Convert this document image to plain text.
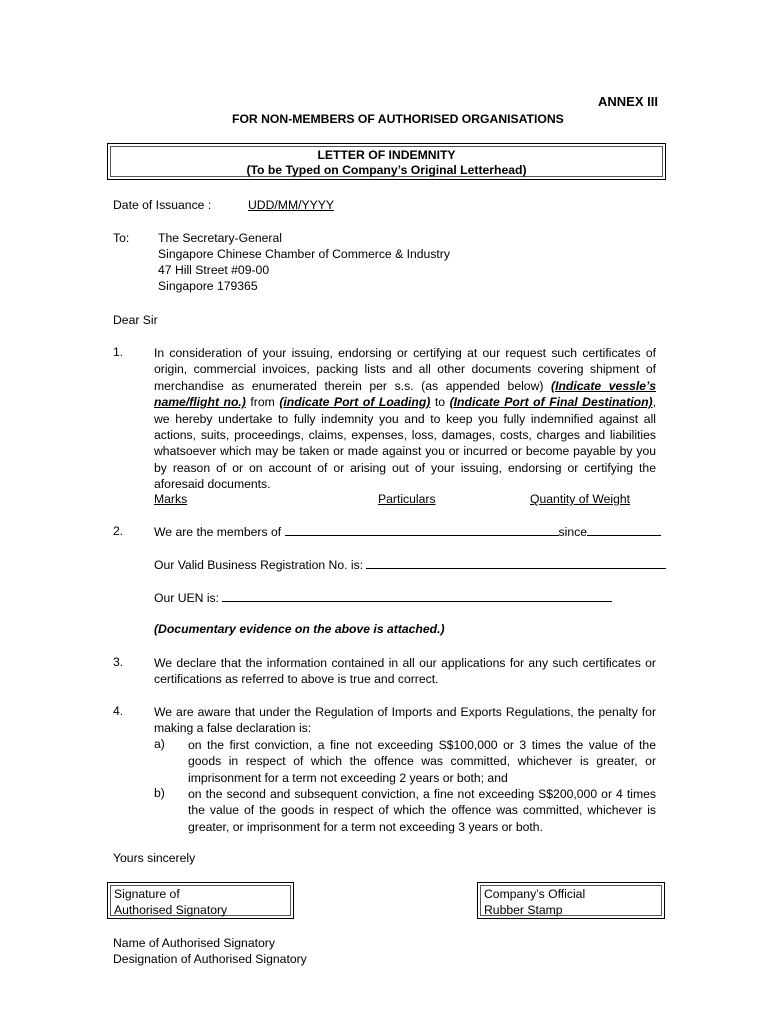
ANNEX III
FOR NON-MEMBERS OF AUTHORISED ORGANISATIONS
LETTER OF INDEMNITY
(To be Typed on Company’s Original Letterhead)
Date of Issuance :	UDD/MM/YYYY
To: The Secretary-General
Singapore Chinese Chamber of Commerce & Industry
47 Hill Street #09-00
Singapore 179365
Dear Sir
1.	In consideration of your issuing, endorsing or certifying at our request such certificates of origin, commercial invoices, packing lists and all other documents covering shipment of merchandise as enumerated therein per s.s. (as appended below) (Indicate vessle’s name/flight no.) from (indicate Port of Loading) to (Indicate Port of Final Destination), we hereby undertake to fully indemnity you and to keep you fully indemnified against all actions, suits, proceedings, claims, expenses, loss, damages, costs, charges and liabilities whatsoever which may be taken or made against you or incurred or become payable by you by reason of or on account of or arising out of your issuing, endorsing or certifying the aforesaid documents.
Marks	Particulars	Quantity of Weight
2.	We are the members of	since
Our Valid Business Registration No. is:
Our UEN is:
(Documentary evidence on the above is attached.)
3.	We declare that the information contained in all our applications for any such certificates or certifications as referred to above is true and correct.
4.	We are aware that under the Regulation of Imports and Exports Regulations, the penalty for making a false declaration is:
a) on the first conviction, a fine not exceeding S$100,000 or 3 times the value of the goods in respect of which the offence was committed, whichever is greater, or imprisonment for a term not exceeding 2 years or both; and
b) on the second and subsequent conviction, a fine not exceeding S$200,000 or 4 times the value of the goods in respect of which the offence was committed, whichever is greater, or imprisonment for a term not exceeding 3 years or both.
Yours sincerely
Signature of
Authorised Signatory
Company’s Official
Rubber Stamp
Name of Authorised Signatory
Designation of Authorised Signatory
